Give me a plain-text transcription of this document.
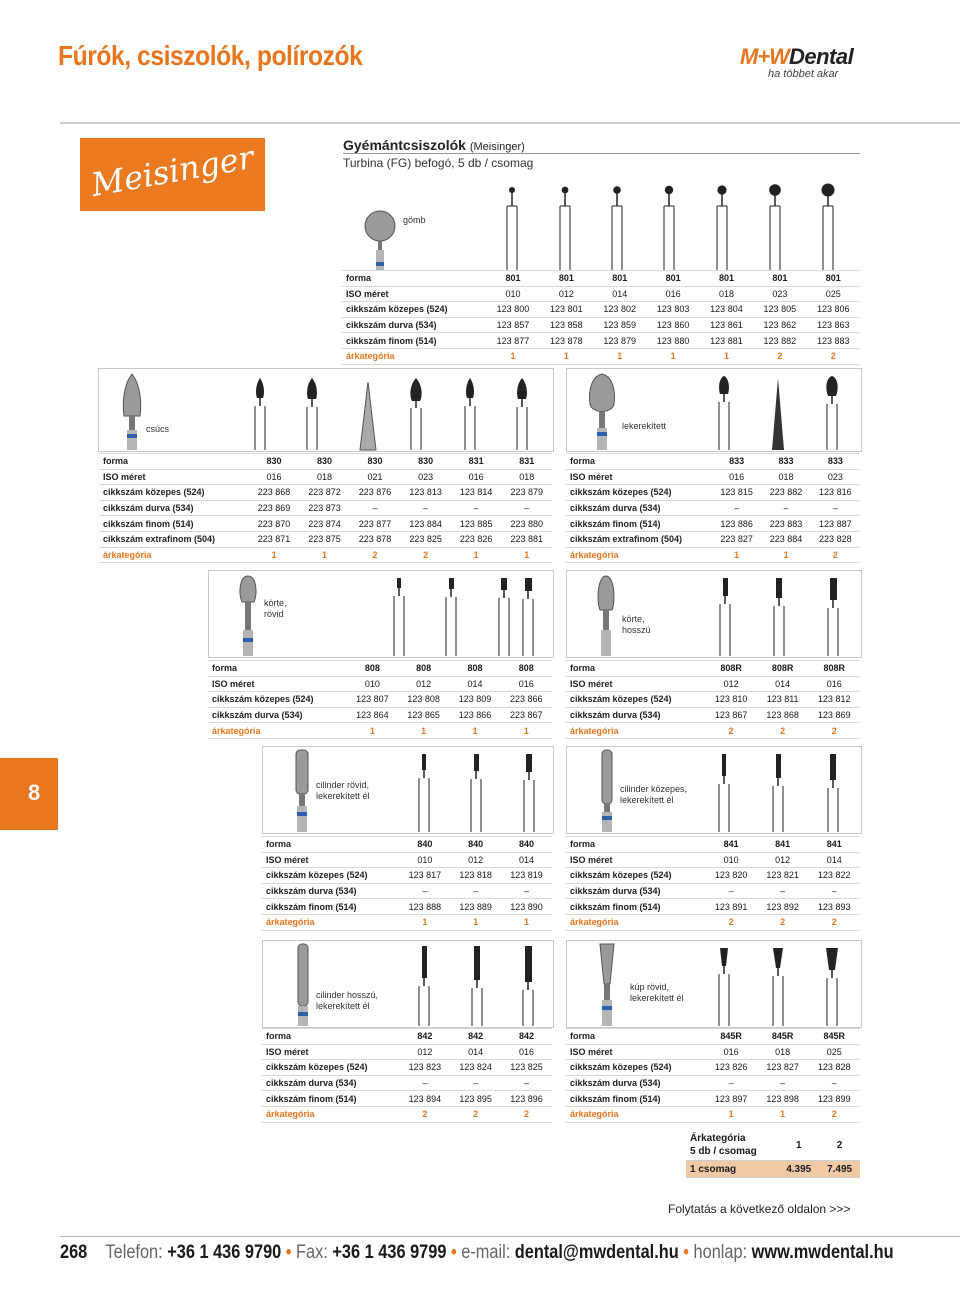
Fúrók, csiszolók, polírozók	M+WDental
ha többet akar
Meisinger	Gyémántcsiszolók (Meisinger)
Turbina (FG) befogó, 5 db / csomag
gömb
forma	801	801	801	801	801	801	801
ISO méret	010	012	014	016	018	023	025
cikkszám közepes (524)	123 800	123 801	123 802	123 803	123 804	123 805	123 806
cikkszám durva (534)	123 857	123 858	123 859	123 860	123 861	123 862	123 863
cikkszám finom (514)	123 877	123 878	123 879	123 880	123 881	123 882	123 883
árkategória	1	1	1	1	1	2	2
csúcs	lekerekített
forma	830	830	830	830	831	831
ISO méret	016	018	021	023	016	018
cikkszám közepes (524)	223 868	223 872	223 876	123 813	123 814	223 879
cikkszám durva (534)	223 869	223 873	–	–	–	–
cikkszám finom (514)	223 870	223 874	223 877	123 884	123 885	223 880
cikkszám extrafinom (504)	223 871	223 875	223 878	223 825	223 826	223 881
árkategória	1	1	2	2	1	1
forma	833	833	833
ISO méret	016	018	023
cikkszám közepes (524)	123 815	223 882	123 816
cikkszám durva (534)	–	–	–
cikkszám finom (514)	123 886	223 883	123 887
cikkszám extrafinom (504)	223 827	223 884	223 828
árkategória	1	1	2
körte,
rövid	körte,
hosszú
forma	808	808	808	808
ISO méret	010	012	014	016
cikkszám közepes (524)	123 807	123 808	123 809	223 866
cikkszám durva (534)	123 864	123 865	123 866	223 867
árkategória	1	1	1	1
forma	808R	808R	808R
ISO méret	012	014	016
cikkszám közepes (524)	123 810	123 811	123 812
cikkszám durva (534)	123 867	123 868	123 869
árkategória	2	2	2
8	cilinder rövid,
lekerekített él
cilinder közepes,
lekerekített él
forma	840	840	840
ISO méret	010	012	014
cikkszám közepes (524)	123 817	123 818	123 819
cikkszám durva (534)	–	–	–
cikkszám finom (514)	123 888	123 889	123 890
árkategória	1	1	1
forma	841	841	841
ISO méret	010	012	014
cikkszám közepes (524)	123 820	123 821	123 822
cikkszám durva (534)	–	–	–
cikkszám finom (514)	123 891	123 892	123 893
árkategória	2	2	2
cilinder hosszú,
lekerekített él
kúp rövid,
lekerekített él
forma	842	842	842
ISO méret	012	014	016
cikkszám közepes (524)	123 823	123 824	123 825
cikkszám durva (534)	–	–	–
cikkszám finom (514)	123 894	123 895	123 896
árkategória	2	2	2
forma	845R	845R	845R
ISO méret	016	018	025
cikkszám közepes (524)	123 826	123 827	123 828
cikkszám durva (534)	–	–	–
cikkszám finom (514)	123 897	123 898	123 899
árkategória	1	1	2
Árkategória
5 db / csomag	1	2
1 csomag	4.395	7.495
Folytatás a következő oldalon >>>
268 Telefon: +36 1 436 9790 • Fax: +36 1 436 9799 • e-mail: dental@mwdental.hu • honlap: www.mwdental.hu
